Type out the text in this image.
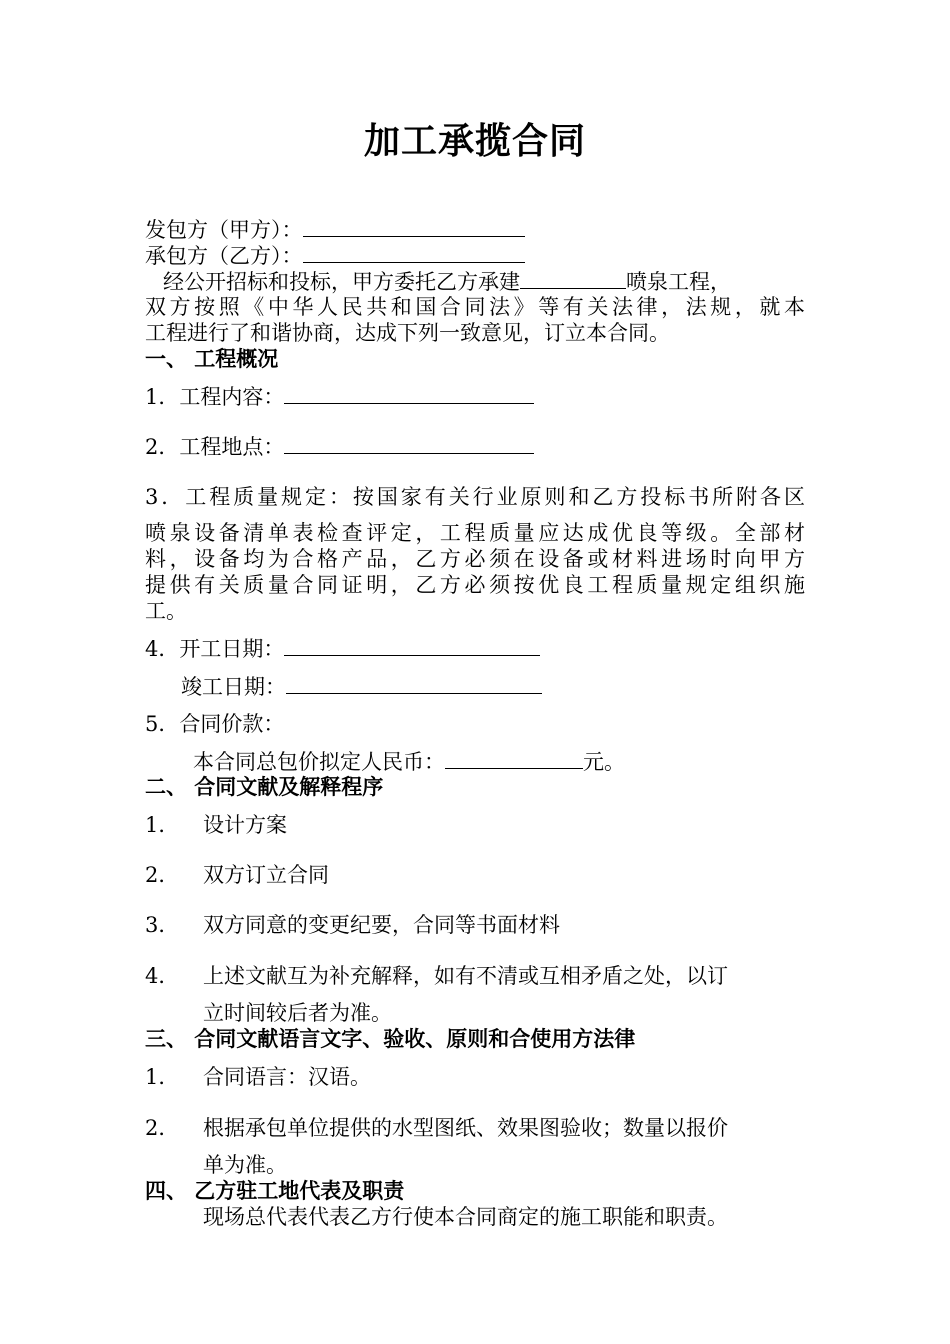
加工承揽合同
发包方（甲方）：
承包方（乙方）：
经公开招标和投标，甲方委托乙方承建	喷泉工程，
双方按照《中华人民共和国合同法》等有关法律，法规，就本
工程进行了和谐协商，达成下列一致意见，订立本合同。
一、 工程概况
1．工程内容：
2．工程地点：
3．工程质量规定：按国家有关行业原则和乙方投标书所附各区
喷泉设备清单表检查评定，工程质量应达成优良等级。全部材
料，设备均为合格产品，乙方必须在设备或材料进场时向甲方
提供有关质量合同证明，乙方必须按优良工程质量规定组织施
工。
4．开工日期：
竣工日期：
5．合同价款：
本合同总包价拟定人民币：	元。
二、 合同文献及解释程序
1． 设计方案
2． 双方订立合同
3． 双方同意的变更纪要，合同等书面材料
4． 上述文献互为补充解释，如有不清或互相矛盾之处，以订
立时间较后者为准。
三、 合同文献语言文字、验收、原则和合使用方法律
1． 合同语言：汉语。
2． 根据承包单位提供的水型图纸、效果图验收；数量以报价
单为准。
四、 乙方驻工地代表及职责
现场总代表代表乙方行使本合同商定的施工职能和职责。
